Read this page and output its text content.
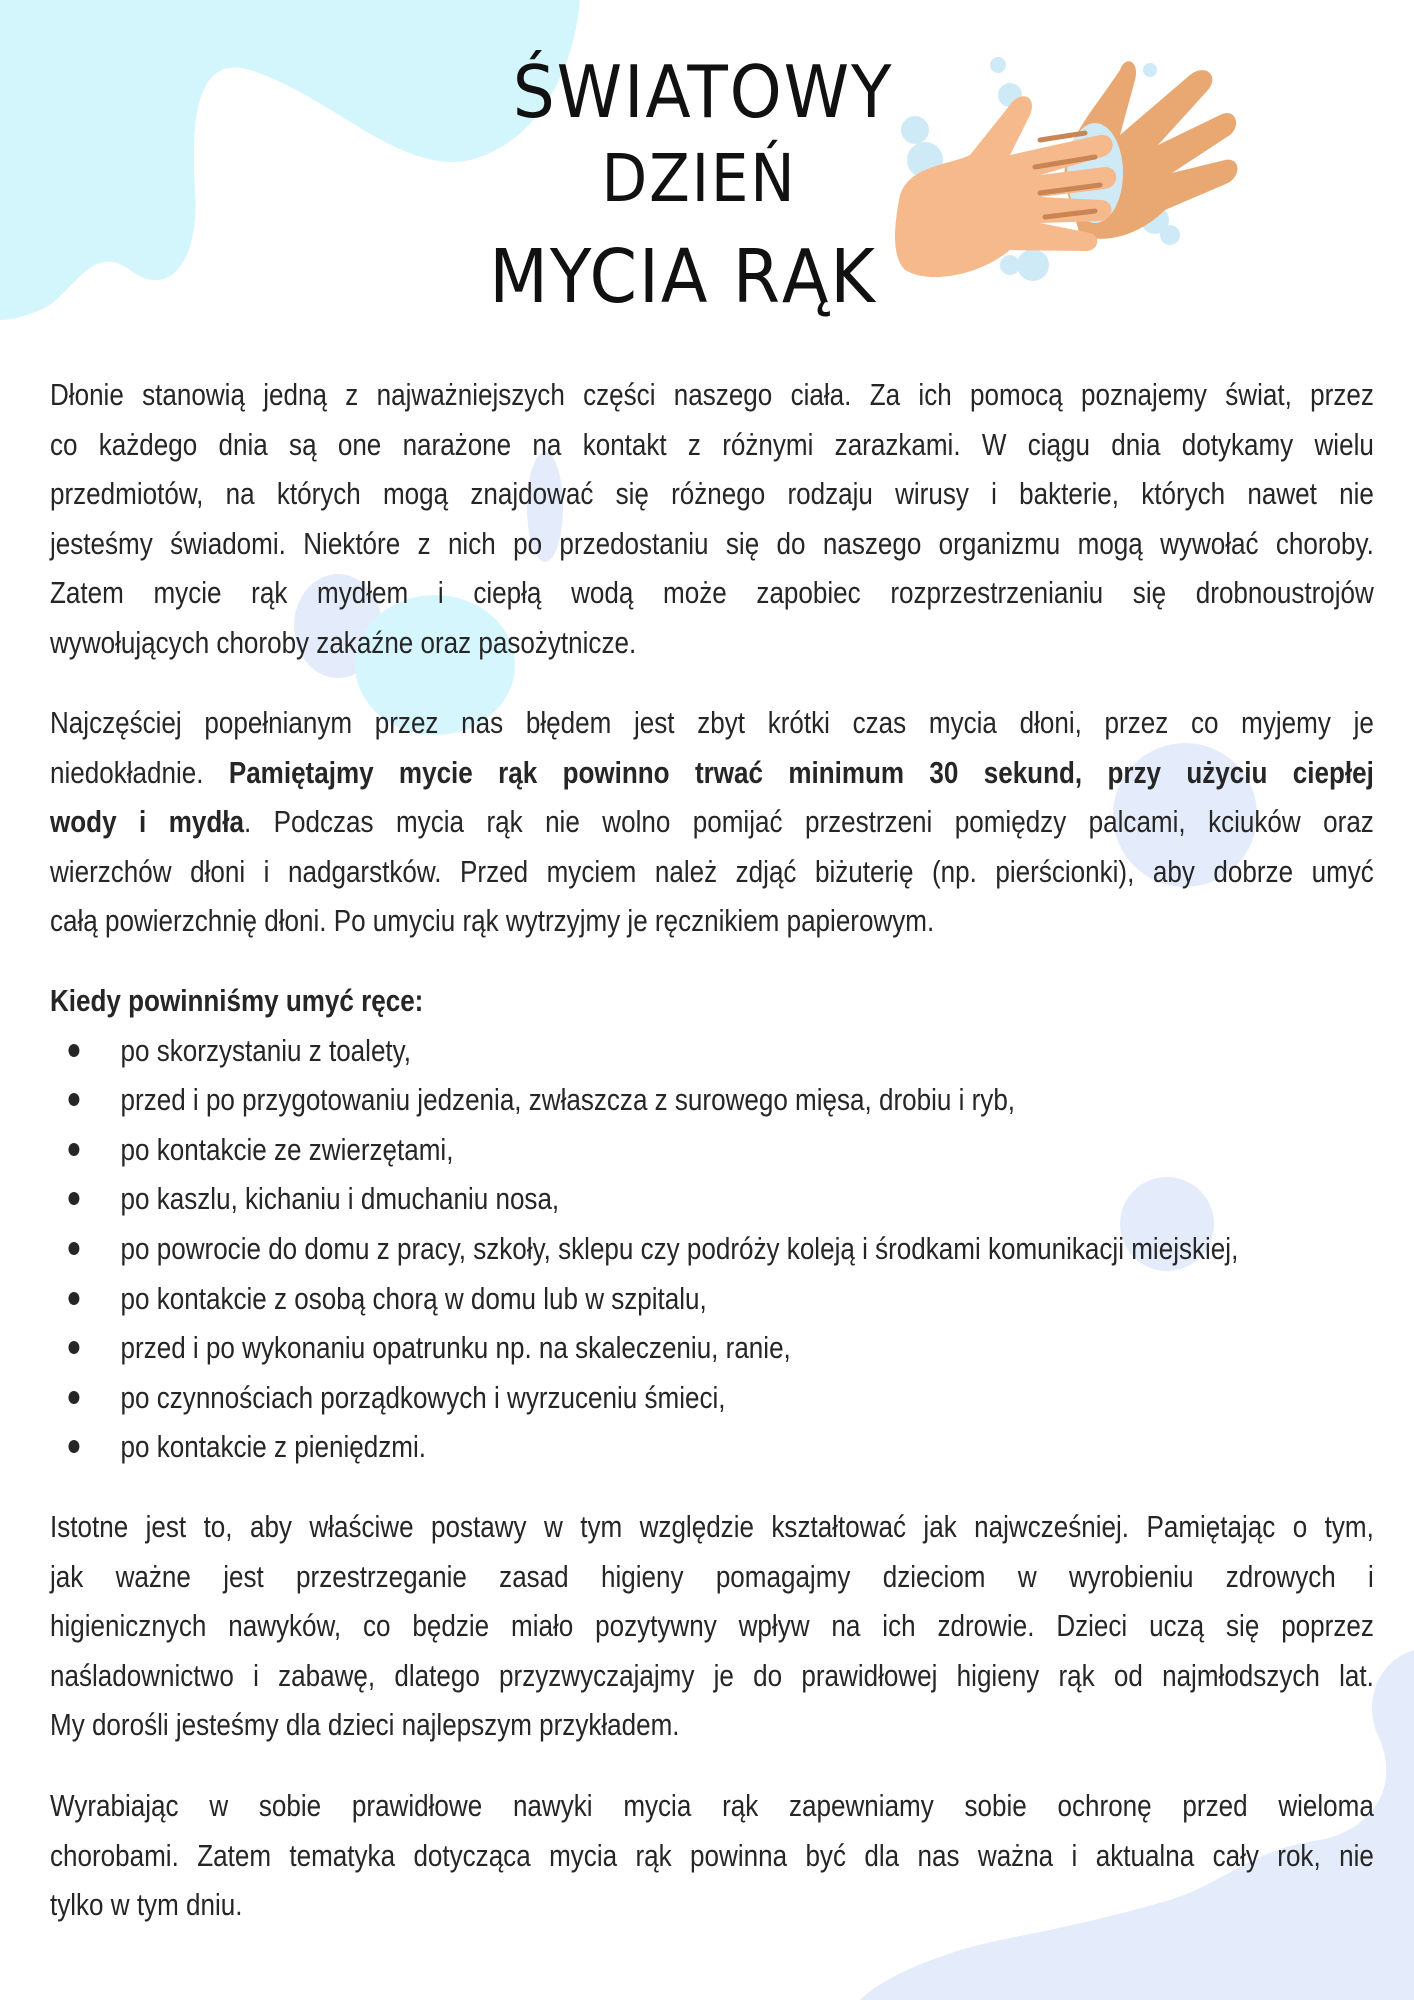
ŚWIATOWY
DZIEŃ
MYCIA RĄK
Dłonie stanowią jedną z najważniejszych części naszego ciała. Za ich pomocą poznajemy świat, przez
co każdego dnia są one narażone na kontakt z różnymi zarazkami. W ciągu dnia dotykamy wielu
przedmiotów, na których mogą znajdować się różnego rodzaju wirusy i bakterie, których nawet nie
jesteśmy świadomi. Niektóre z nich po przedostaniu się do naszego organizmu mogą wywołać choroby.
Zatem mycie rąk mydłem i ciepłą wodą może zapobiec rozprzestrzenianiu się drobnoustrojów
wywołujących choroby zakaźne oraz pasożytnicze.
Najczęściej popełnianym przez nas błędem jest zbyt krótki czas mycia dłoni, przez co myjemy je
niedokładnie. Pamiętajmy mycie rąk powinno trwać minimum 30 sekund, przy użyciu ciepłej
wody i mydła. Podczas mycia rąk nie wolno pomijać przestrzeni pomiędzy palcami, kciuków oraz
wierzchów dłoni i nadgarstków. Przed myciem należ zdjąć biżuterię (np. pierścionki), aby dobrze umyć
całą powierzchnię dłoni. Po umyciu rąk wytrzyjmy je ręcznikiem papierowym.
Kiedy powinniśmy umyć ręce:
po skorzystaniu z toalety,
przed i po przygotowaniu jedzenia, zwłaszcza z surowego mięsa, drobiu i ryb,
po kontakcie ze zwierzętami,
po kaszlu, kichaniu i dmuchaniu nosa,
po powrocie do domu z pracy, szkoły, sklepu czy podróży koleją i środkami komunikacji miejskiej,
po kontakcie z osobą chorą w domu lub w szpitalu,
przed i po wykonaniu opatrunku np. na skaleczeniu, ranie,
po czynnościach porządkowych i wyrzuceniu śmieci,
po kontakcie z pieniędzmi.
Istotne jest to, aby właściwe postawy w tym względzie kształtować jak najwcześniej. Pamiętając o tym,
jak ważne jest przestrzeganie zasad higieny pomagajmy dzieciom w wyrobieniu zdrowych i
higienicznych nawyków, co będzie miało pozytywny wpływ na ich zdrowie. Dzieci uczą się poprzez
naśladownictwo i zabawę, dlatego przyzwyczajajmy je do prawidłowej higieny rąk od najmłodszych lat.
My dorośli jesteśmy dla dzieci najlepszym przykładem.
Wyrabiając w sobie prawidłowe nawyki mycia rąk zapewniamy sobie ochronę przed wieloma
chorobami. Zatem tematyka dotycząca mycia rąk powinna być dla nas ważna i aktualna cały rok, nie
tylko w tym dniu.
